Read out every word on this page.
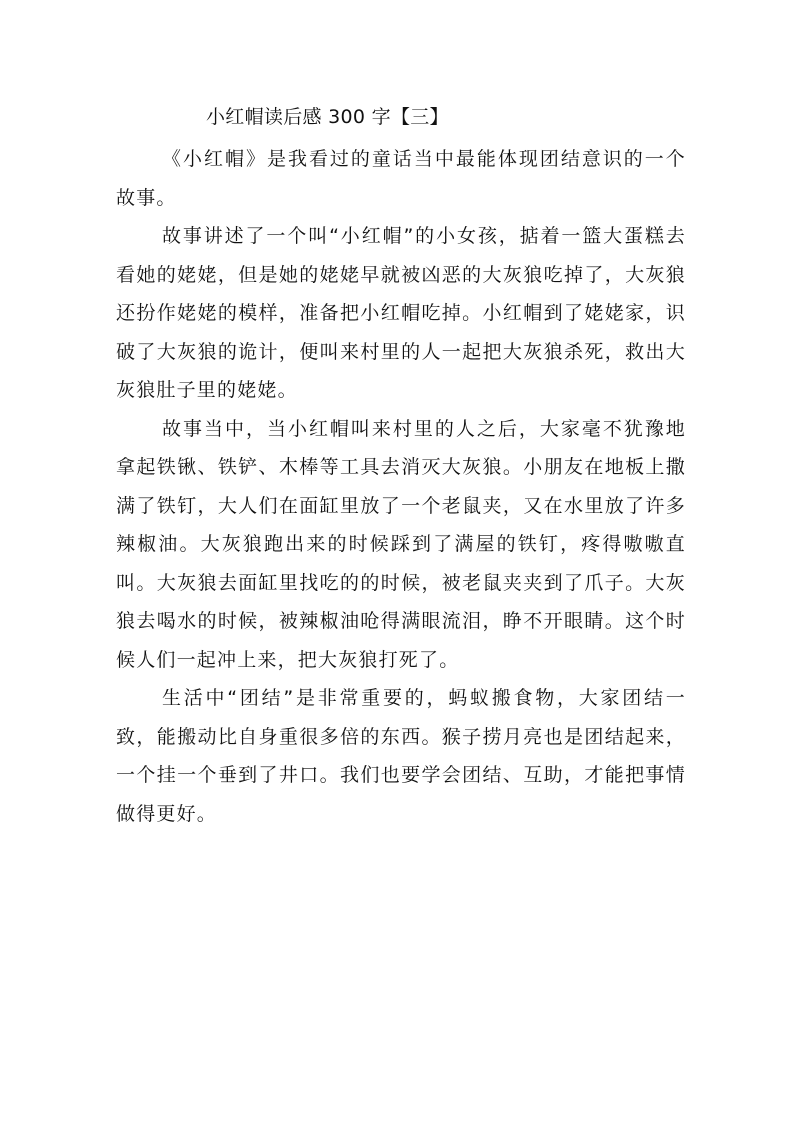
小红帽读后感 300 字【三】

《小红帽》是我看过的童话当中最能体现团结意识的一个故事。

故事讲述了一个叫“小红帽”的小女孩，掂着一篮大蛋糕去看她的姥姥，但是她的姥姥早就被凶恶的大灰狼吃掉了，大灰狼还扮作姥姥的模样，准备把小红帽吃掉。小红帽到了姥姥家，识破了大灰狼的诡计，便叫来村里的人一起把大灰狼杀死，救出大灰狼肚子里的姥姥。

故事当中，当小红帽叫来村里的人之后，大家毫不犹豫地拿起铁锹、铁铲、木棒等工具去消灭大灰狼。小朋友在地板上撒满了铁钉，大人们在面缸里放了一个老鼠夹，又在水里放了许多辣椒油。大灰狼跑出来的时候踩到了满屋的铁钉，疼得嗷嗷直叫。大灰狼去面缸里找吃的的时候，被老鼠夹夹到了爪子。大灰狼去喝水的时候，被辣椒油呛得满眼流泪，睁不开眼睛。这个时候人们一起冲上来，把大灰狼打死了。

生活中“团结”是非常重要的，蚂蚁搬食物，大家团结一致，能搬动比自身重很多倍的东西。猴子捞月亮也是团结起来，一个挂一个垂到了井口。我们也要学会团结、互助，才能把事情做得更好。
